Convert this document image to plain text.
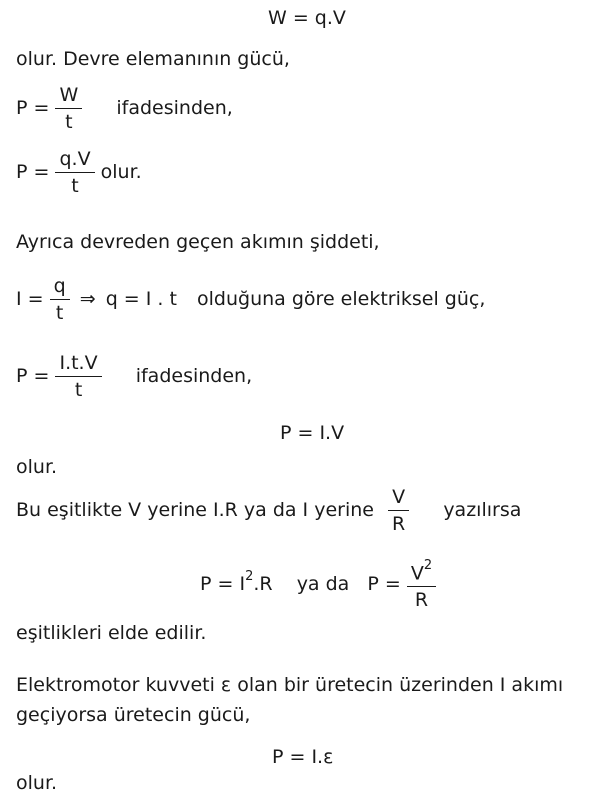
W = q.V
olur. Devre elemanının gücü,
$P = \frac{W}{t}$ ifadesinden,
$P = \frac{q.V}{t}$ olur.
Ayrıca devreden geçen akımın şiddeti,
$I = \frac{q}{t}$ ⇒ q = I . t olduğuna göre elektriksel güç,
$P = \frac{I.t.V}{t}$ ifadesinden,
P = I.V
olur.
Bu eşitlikte V yerine I.R ya da I yerine $\frac{V}{R}$ yazılırsa
$P = I^2.R$ ya da $P = \frac{V^2}{R}$
eşitlikleri elde edilir.
Elektromotor kuvveti ε olan bir üretecin üzerinden I akımı
geçiyorsa üretecin gücü,
P = I.ε
olur.
